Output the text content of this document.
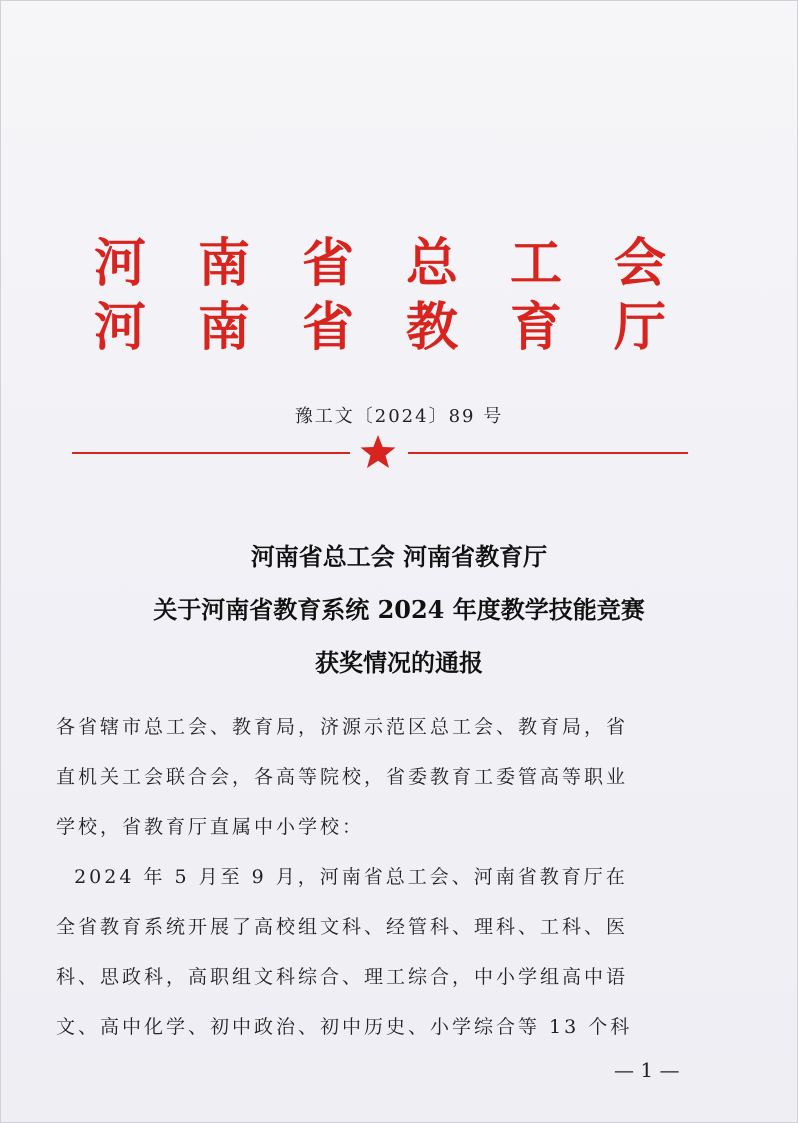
河 南 省 总 工 会
河 南 省 教 育 厅
豫工文〔2024〕89 号
河南省总工会 河南省教育厅
关于河南省教育系统 2024 年度教学技能竞赛
获奖情况的通报
各省辖市总工会、教育局，济源示范区总工会、教育局，省
直机关工会联合会，各高等院校，省委教育工委管高等职业
学校，省教育厅直属中小学校：
2024 年 5 月至 9 月，河南省总工会、河南省教育厅在
全省教育系统开展了高校组文科、经管科、理科、工科、医
科、思政科，高职组文科综合、理工综合，中小学组高中语
文、高中化学、初中政治、初中历史、小学综合等 13 个科
— 1 —
